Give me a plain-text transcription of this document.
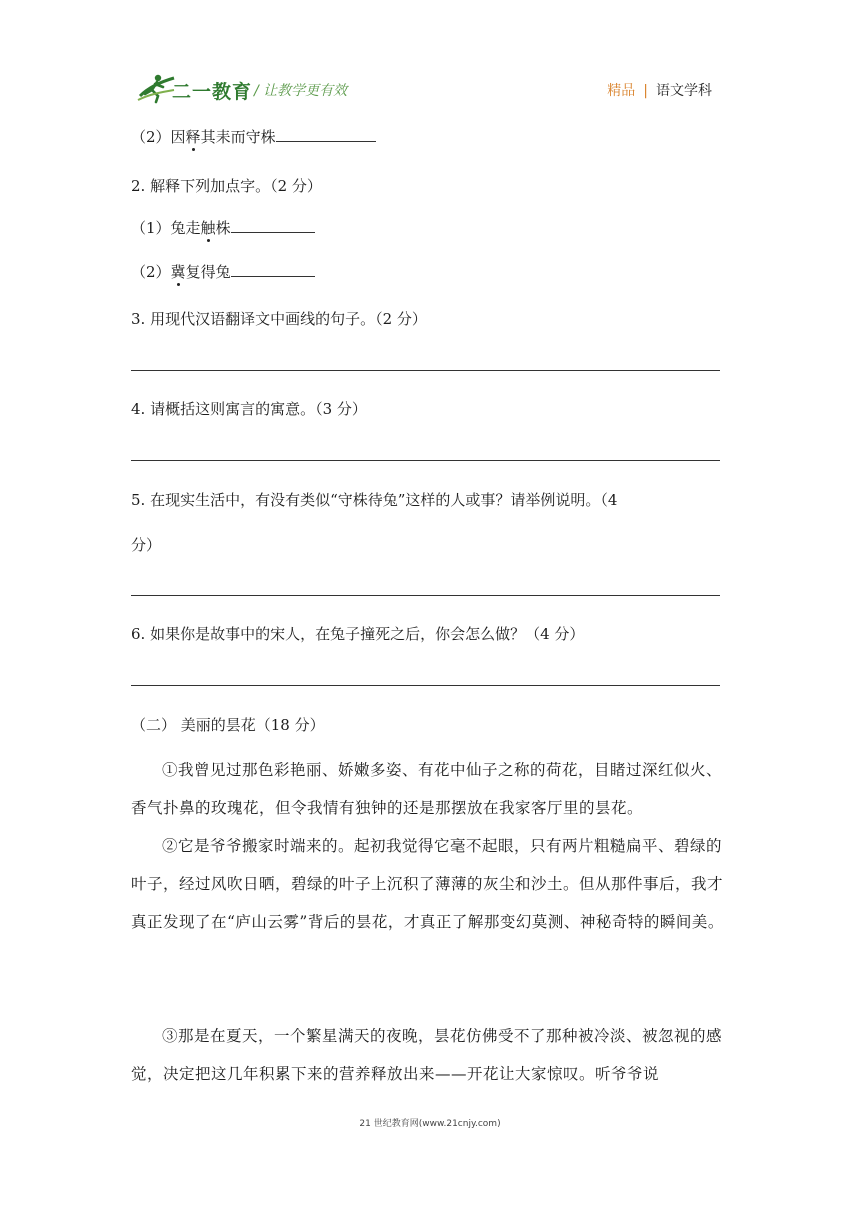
二一教育 / 让教学更有效	精品 | 语文学科
（2）因释其耒而守株
2. 解释下列加点字。（2 分）
（1）兔走触株
（2）冀复得兔
3. 用现代汉语翻译文中画线的句子。（2 分）
4. 请概括这则寓言的寓意。（3 分）
5. 在现实生活中，有没有类似“守株待兔”这样的人或事？请举例说明。（4
分）
6. 如果你是故事中的宋人，在兔子撞死之后，你会怎么做？（4 分）
（二） 美丽的昙花（18 分）
①我曾见过那色彩艳丽、娇嫩多姿、有花中仙子之称的荷花，目睹过深红似火、香气扑鼻的玫瑰花，但令我情有独钟的还是那摆放在我家客厅里的昙花。
②它是爷爷搬家时端来的。起初我觉得它毫不起眼，只有两片粗糙扁平、碧绿的叶子，经过风吹日晒，碧绿的叶子上沉积了薄薄的灰尘和沙土。但从那件事后，我才真正发现了在“庐山云雾”背后的昙花，才真正了解那变幻莫测、神秘奇特的瞬间美。
③那是在夏天，一个繁星满天的夜晚，昙花仿佛受不了那种被冷淡、被忽视的感觉，决定把这几年积累下来的营养释放出来——开花让大家惊叹。听爷爷说
21 世纪教育网(www.21cnjy.com)
